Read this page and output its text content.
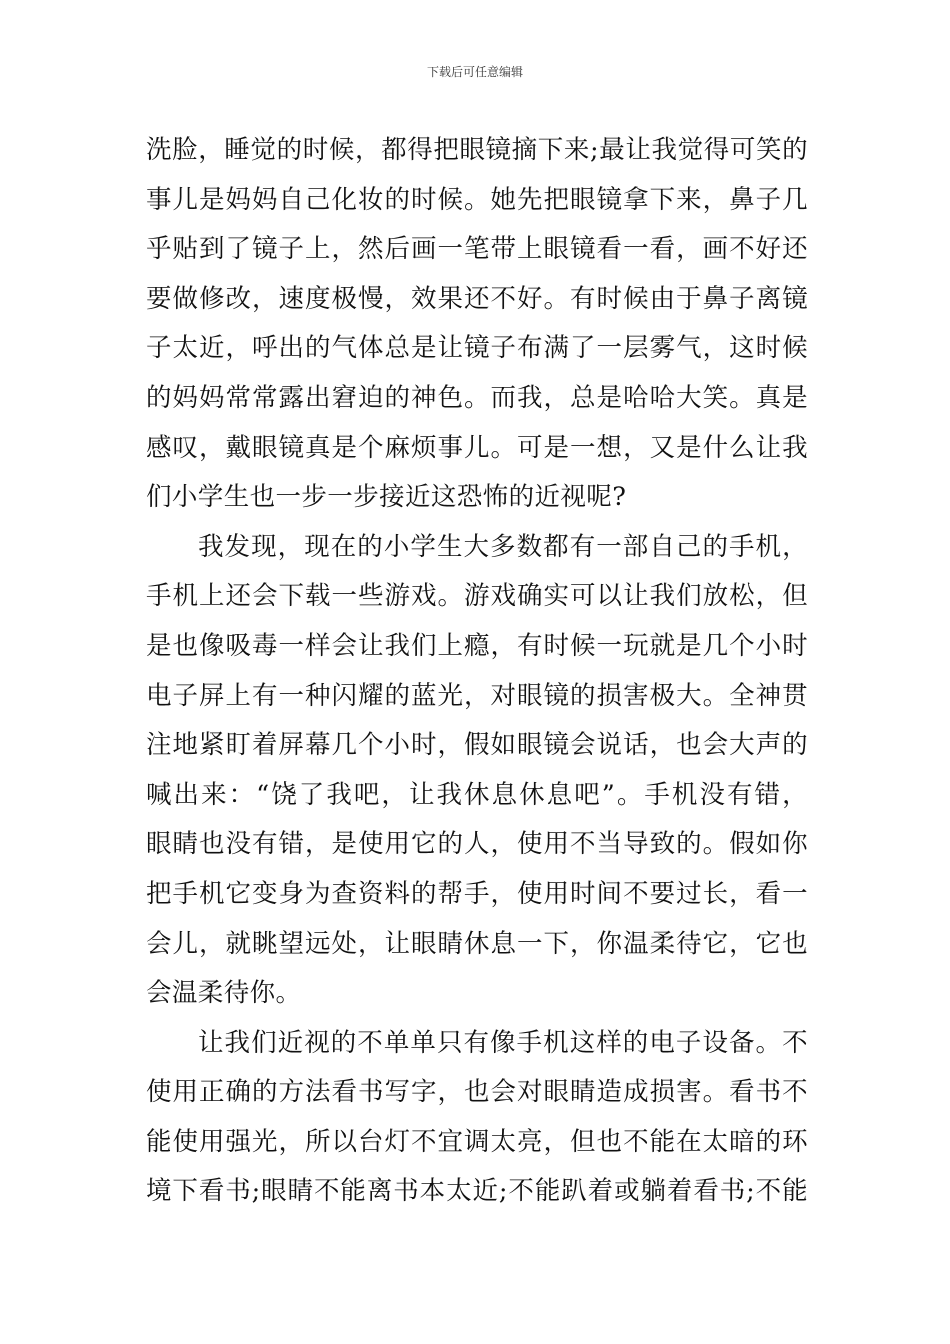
下载后可任意编辑
洗脸，睡觉的时候，都得把眼镜摘下来;最让我觉得可笑的
事儿是妈妈自己化妆的时候。她先把眼镜拿下来，鼻子几
乎贴到了镜子上，然后画一笔带上眼镜看一看，画不好还
要做修改，速度极慢，效果还不好。有时候由于鼻子离镜
子太近，呼出的气体总是让镜子布满了一层雾气，这时候
的妈妈常常露出窘迫的神色。而我，总是哈哈大笑。真是
感叹，戴眼镜真是个麻烦事儿。可是一想，又是什么让我
们小学生也一步一步接近这恐怖的近视呢?
我发现，现在的小学生大多数都有一部自己的手机，
手机上还会下载一些游戏。游戏确实可以让我们放松，但
是也像吸毒一样会让我们上瘾，有时候一玩就是几个小时
电子屏上有一种闪耀的蓝光，对眼镜的损害极大。全神贯
注地紧盯着屏幕几个小时，假如眼镜会说话，也会大声的
喊出来：“饶了我吧，让我休息休息吧”。手机没有错，
眼睛也没有错，是使用它的人，使用不当导致的。假如你
把手机它变身为查资料的帮手，使用时间不要过长，看一
会儿，就眺望远处，让眼睛休息一下，你温柔待它，它也
会温柔待你。
让我们近视的不单单只有像手机这样的电子设备。不
使用正确的方法看书写字，也会对眼睛造成损害。看书不
能使用强光，所以台灯不宜调太亮，但也不能在太暗的环
境下看书;眼睛不能离书本太近;不能趴着或躺着看书;不能
